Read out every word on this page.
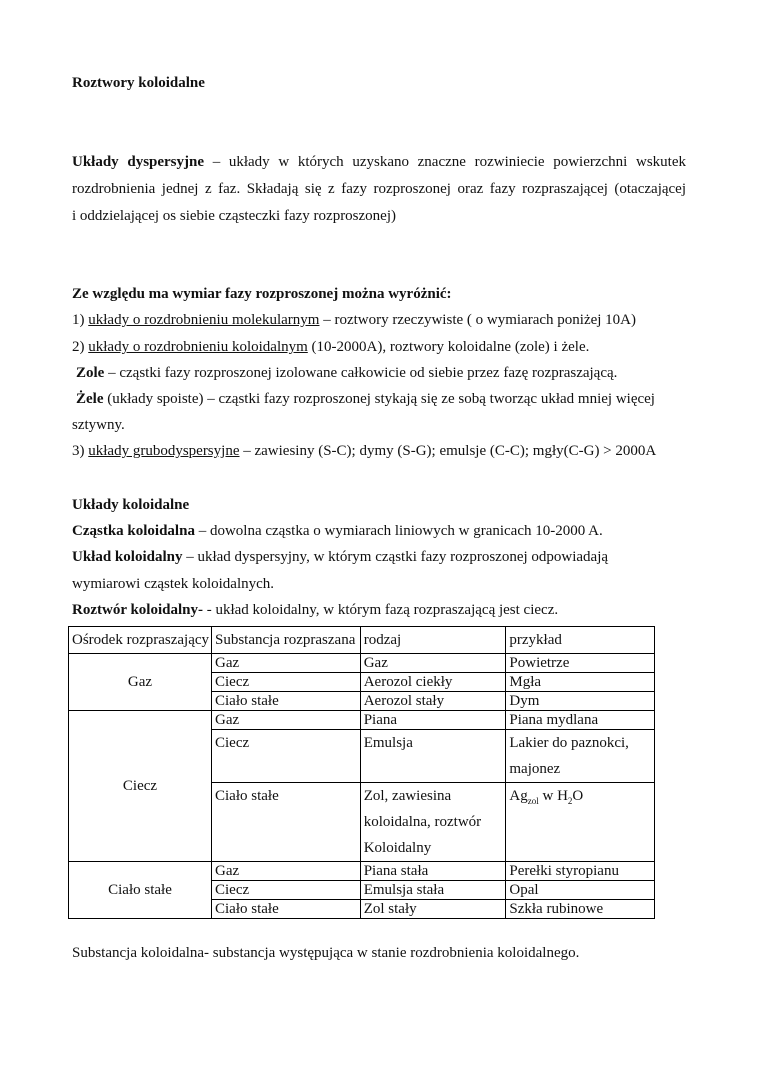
Roztwory koloidalne
Układy dyspersyjne – układy w których uzyskano znaczne rozwiniecie powierzchni wskutek
rozdrobnienia jednej z faz. Składają się z fazy rozproszonej oraz fazy rozpraszającej (otaczającej
i oddzielającej os siebie cząsteczki fazy rozproszonej)
Ze względu ma wymiar fazy rozproszonej można wyróżnić:
1) układy o rozdrobnieniu molekularnym – roztwory rzeczywiste ( o wymiarach poniżej 10A)
2) układy o rozdrobnieniu koloidalnym (10-2000A), roztwory koloidalne (zole) i żele.
Zole – cząstki fazy rozproszonej izolowane całkowicie od siebie przez fazę rozpraszającą.
Żele (układy spoiste) – cząstki fazy rozproszonej stykają się ze sobą tworząc układ mniej więcej
sztywny.
3) układy grubodyspersyjne – zawiesiny (S-C); dymy (S-G); emulsje (C-C); mgły(C-G) > 2000A
Układy koloidalne
Cząstka koloidalna – dowolna cząstka o wymiarach liniowych w granicach 10-2000 A.
Układ koloidalny – układ dyspersyjny, w którym cząstki fazy rozproszonej odpowiadają
wymiarowi cząstek koloidalnych.
Roztwór koloidalny- - układ koloidalny, w którym fazą rozpraszającą jest ciecz.
Substancja koloidalna- substancja występująca w stanie rozdrobnienia koloidalnego.
Ośrodek rozpraszający	Substancja rozpraszana	rodzaj	przykład
Gaz	Gaz	Gaz	Powietrze
	Ciecz	Aerozol ciekły	Mgła
	Ciało stałe	Aerozol stały	Dym
Ciecz	Gaz	Piana	Piana mydlana
	Ciecz	Emulsja	Lakier do paznokci, majonez
	Ciało stałe	Zol, zawiesina koloidalna, roztwór Koloidalny	$Ag_{zol}$ w $H_2O$
Ciało stałe	Gaz	Piana stała	Perełki styropianu
	Ciecz	Emulsja stała	Opal
	Ciało stałe	Zol stały	Szkła rubinowe
